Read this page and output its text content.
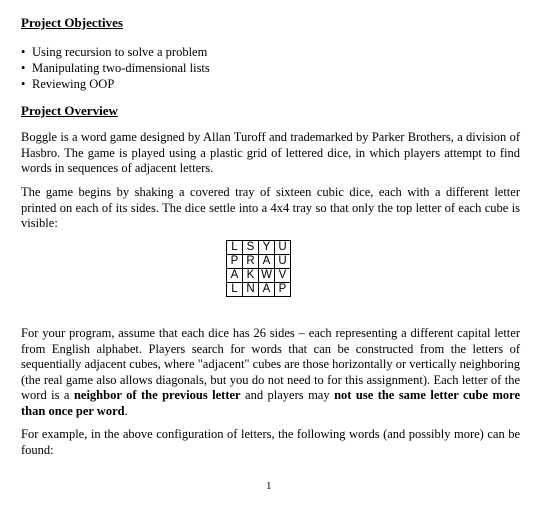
Project Objectives
• Using recursion to solve a problem
• Manipulating two-dimensional lists
• Reviewing OOP
Project Overview

Boggle is a word game designed by Allan Turoff and trademarked by Parker Brothers, a division of Hasbro. The game is played using a plastic grid of lettered dice, in which players attempt to find words in sequences of adjacent letters.

The game begins by shaking a covered tray of sixteen cubic dice, each with a different letter printed on each of its sides. The dice settle into a 4x4 tray so that only the top letter of each cube is visible:

L	S	Y	U
P	R	A	U
A	K	W	V
L	N	A	P

For your program, assume that each dice has 26 sides – each representing a different capital letter from English alphabet. Players search for words that can be constructed from the letters of sequentially adjacent cubes, where "adjacent" cubes are those horizontally or vertically neighboring (the real game also allows diagonals, but you do not need to for this assignment). Each letter of the word is a neighbor of the previous letter and players may not use the same letter cube more than once per word.

For example, in the above configuration of letters, the following words (and possibly more) can be found:

1
